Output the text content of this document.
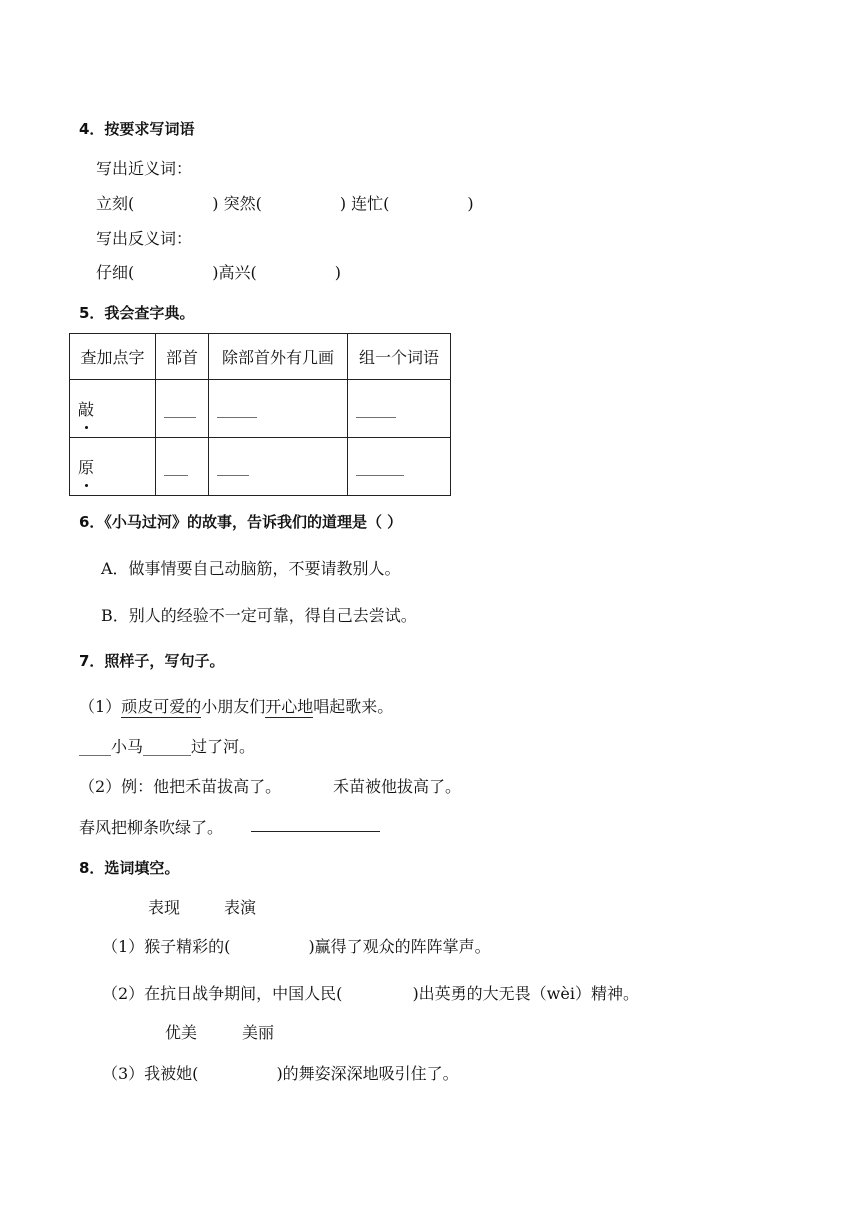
4．按要求写词语
写出近义词：
立刻(	) 突然(	) 连忙(	)
写出反义词：
仔细(	)高兴(	)
5．我会查字典。
查加点字	部首	除部首外有几画	组一个词语
敲	____	_____	_____
原	___	____	______
6．《小马过河》的故事，告诉我们的道理是（ ）
A．做事情要自己动脑筋，不要请教别人。
B．别人的经验不一定可靠，得自己去尝试。
7．照样子，写句子。
（1）顽皮可爱的小朋友们开心地唱起歌来。
____小马______过了河。
（2）例：他把禾苗拔高了。	禾苗被他拔高了。
春风把柳条吹绿了。
8．选词填空。
表现	表演
（1）猴子精彩的(	)赢得了观众的阵阵掌声。
（2）在抗日战争期间，中国人民(	)出英勇的大无畏（wèi）精神。
优美	美丽
（3）我被她(	)的舞姿深深地吸引住了。
